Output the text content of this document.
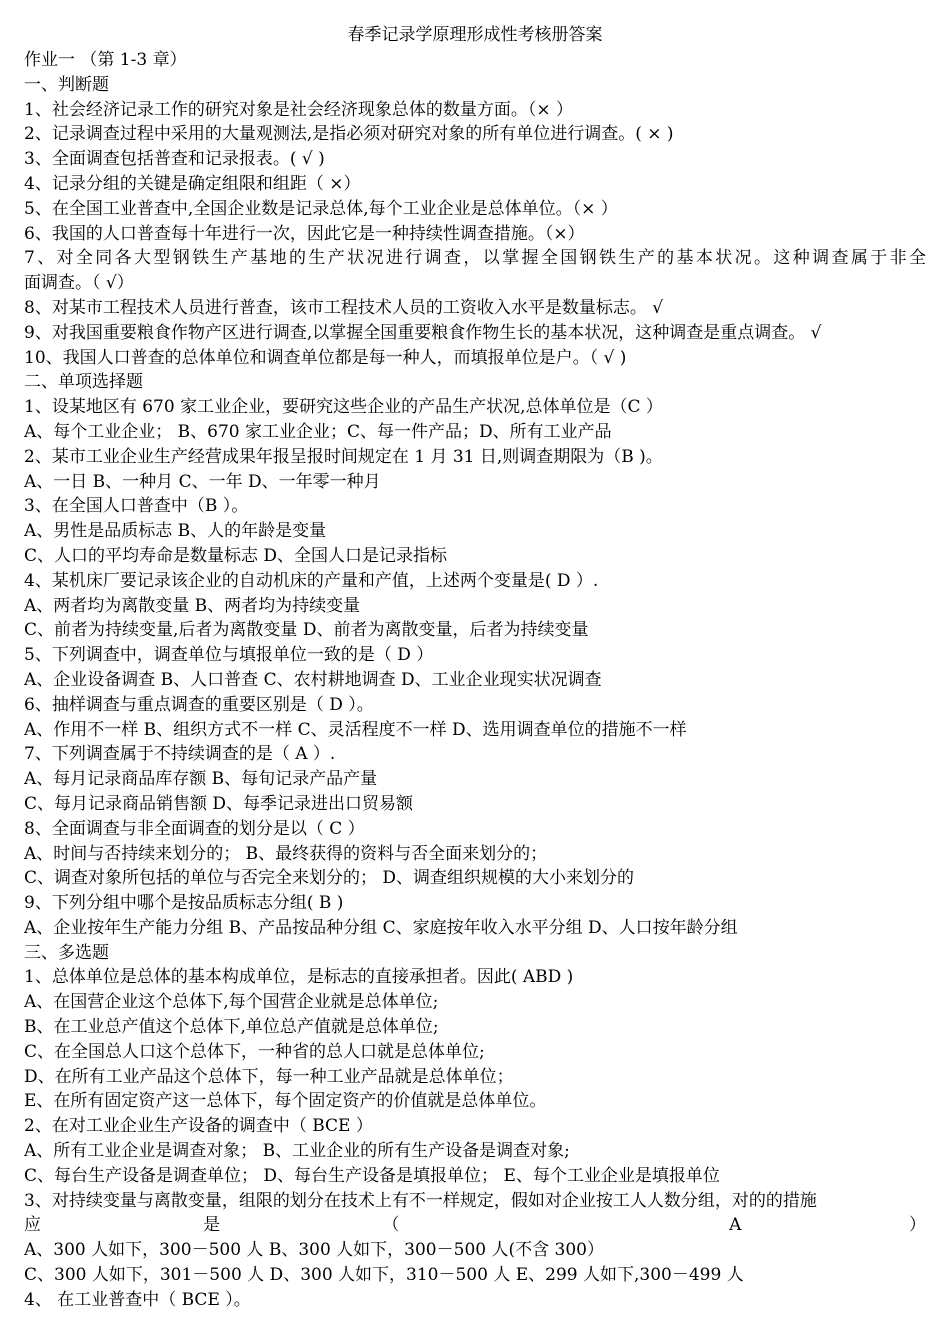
春季记录学原理形成性考核册答案
作业一 （第 1-3 章）
一、判断题
1、社会经济记录工作的研究对象是社会经济现象总体的数量方面。（× ）
2、记录调查过程中采用的大量观测法,是指必须对研究对象的所有单位进行调查。( × )
3、全面调查包括普查和记录报表。( √ )
4、记录分组的关键是确定组限和组距（ ×）
5、在全国工业普查中,全国企业数是记录总体,每个工业企业是总体单位。（× ）
6、我国的人口普查每十年进行一次，因此它是一种持续性调查措施。（×）
7、对全同各大型钢铁生产基地的生产状况进行调查，以掌握全国钢铁生产的基本状况。这种调查属于非全
面调查。（ √）
8、对某市工程技术人员进行普查，该市工程技术人员的工资收入水平是数量标志。 √
9、对我国重要粮食作物产区进行调查,以掌握全国重要粮食作物生长的基本状况，这种调查是重点调查。 √
10、我国人口普查的总体单位和调查单位都是每一种人，而填报单位是户。（ √ )
二、单项选择题
1、设某地区有 670 家工业企业，要研究这些企业的产品生产状况,总体单位是（C ）
A、每个工业企业； B、670 家工业企业；C、每一件产品；D、所有工业产品
2、某市工业企业生产经营成果年报呈报时间规定在 1 月 31 日,则调查期限为（B )。
A、一日 B、一种月 C、一年 D、一年零一种月
3、在全国人口普查中（B ）。
A、男性是品质标志 B、人的年龄是变量
C、人口的平均寿命是数量标志 D、全国人口是记录指标
4、某机床厂要记录该企业的自动机床的产量和产值，上述两个变量是( D ）.
A、两者均为离散变量 B、两者均为持续变量
C、前者为持续变量,后者为离散变量 D、前者为离散变量，后者为持续变量
5、下列调查中，调查单位与填报单位一致的是（ D ）
A、企业设备调查 B、人口普查 C、农村耕地调查 D、工业企业现实状况调查
6、抽样调查与重点调查的重要区别是（ D ）。
A、作用不一样 B、组织方式不一样 C、灵活程度不一样 D、选用调查单位的措施不一样
7、下列调查属于不持续调查的是（ A ）.
A、每月记录商品库存额 B、每旬记录产品产量
C、每月记录商品销售额 D、每季记录进出口贸易额
8、全面调查与非全面调查的划分是以（ C ）
A、时间与否持续来划分的； B、最终获得的资料与否全面来划分的；
C、调查对象所包括的单位与否完全来划分的； D、调查组织规模的大小来划分的
9、下列分组中哪个是按品质标志分组( B )
A、企业按年生产能力分组 B、产品按品种分组 C、家庭按年收入水平分组 D、人口按年龄分组
三、多选题
1、总体单位是总体的基本构成单位，是标志的直接承担者。因此( ABD )
A、在国营企业这个总体下,每个国营企业就是总体单位;
B、在工业总产值这个总体下,单位总产值就是总体单位;
C、在全国总人口这个总体下，一种省的总人口就是总体单位;
D、在所有工业产品这个总体下，每一种工业产品就是总体单位；
E、在所有固定资产这一总体下，每个固定资产的价值就是总体单位。
2、在对工业企业生产设备的调查中（ BCE ）
A、所有工业企业是调查对象； B、工业企业的所有生产设备是调查对象;
C、每台生产设备是调查单位； D、每台生产设备是填报单位； E、每个工业企业是填报单位
3、对持续变量与离散变量，组限的划分在技术上有不一样规定，假如对企业按工人人数分组，对的的措施
应是（ A ）
A、300 人如下，300－500 人 B、300 人如下，300－500 人(不含 300）
C、300 人如下，301－500 人 D、300 人如下，310－500 人 E、299 人如下,300－499 人
4、 在工业普查中（ BCE ）。
